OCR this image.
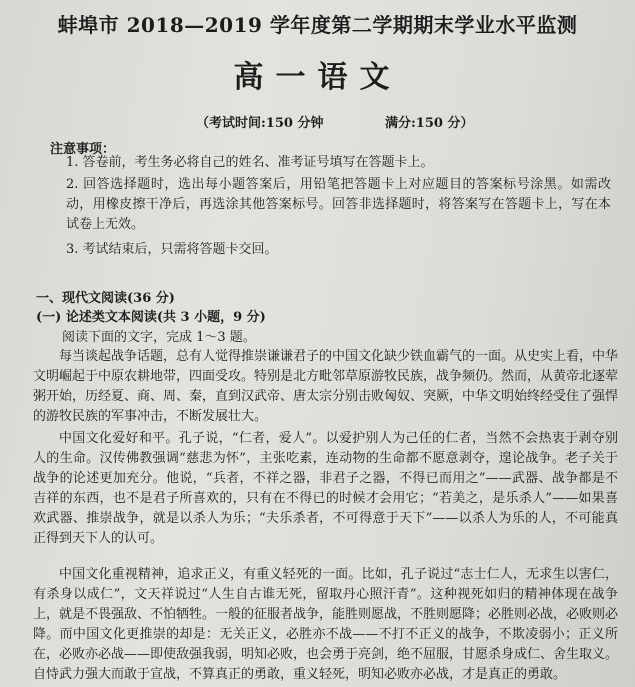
蚌埠市 2018—2019 学年度第二学期期末学业水平监测
高一语文
（考试时间:150 分钟	满分:150 分）
注意事项：
1. 答卷前，考生务必将自己的姓名、准考证号填写在答题卡上。
2. 回答选择题时，选出每小题答案后，用铅笔把答题卡上对应题目的答案标号涂黑。如需改动，用橡皮擦干净后，再选涂其他答案标号。回答非选择题时，将答案写在答题卡上，写在本试卷上无效。
3. 考试结束后，只需将答题卡交回。
一、现代文阅读(36 分)
(一) 论述类文本阅读(共 3 小题，9 分)
阅读下面的文字，完成 1～3 题。
每当谈起战争话题，总有人觉得推崇谦谦君子的中国文化缺少铁血霸气的一面。从史实上看，中华文明崛起于中原农耕地带，四面受攻。特别是北方毗邻草原游牧民族，战争频仍。然而，从黄帝北逐荤粥开始，历经夏、商、周、秦，直到汉武帝、唐太宗分别击败匈奴、突厥，中华文明始终经受住了强悍的游牧民族的军事冲击，不断发展壮大。
中国文化爱好和平。孔子说，“仁者，爱人”。以爱护别人为己任的仁者，当然不会热衷于剥夺别人的生命。汉传佛教强调“慈悲为怀”，主张吃素，连动物的生命都不愿意剥夺，遑论战争。老子关于战争的论述更加充分。他说，“兵者，不祥之器，非君子之器，不得已而用之”——武器、战争都是不吉祥的东西，也不是君子所喜欢的，只有在不得已的时候才会用它；“若美之，是乐杀人”——如果喜欢武器、推崇战争，就是以杀人为乐；“夫乐杀者，不可得意于天下”——以杀人为乐的人，不可能真正得到天下人的认可。
中国文化重视精神，追求正义，有重义轻死的一面。比如，孔子说过“志士仁人，无求生以害仁，有杀身以成仁”，文天祥说过“人生自古谁无死，留取丹心照汗青”。这种视死如归的精神体现在战争上，就是不畏强敌、不怕牺牲。一般的征服者战争，能胜则愿战，不胜则愿降；必胜则必战，必败则必降。而中国文化更推崇的却是：无关正义，必胜亦不战——不打不正义的战争，不欺凌弱小；正义所在，必败亦必战——即使敌强我弱，明知必败，也会勇于亮剑，绝不屈服，甘愿杀身成仁、舍生取义。自恃武力强大而敢于宣战，不算真正的勇敢，重义轻死，明知必败亦必战，才是真正的勇敢。
